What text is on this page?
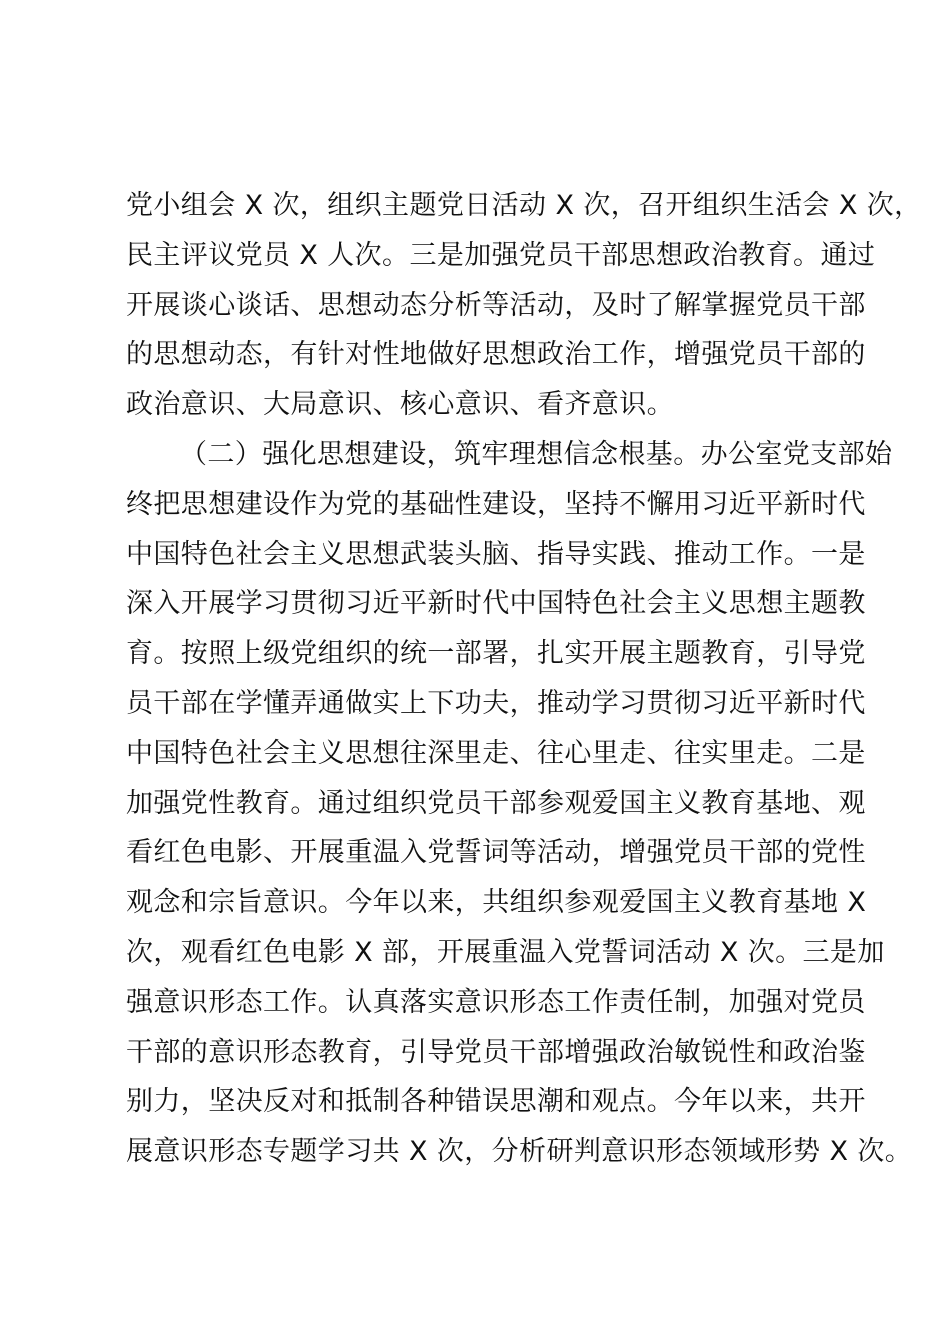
党小组会 X 次，组织主题党日活动 X 次，召开组织生活会 X 次，
民主评议党员 X 人次。三是加强党员干部思想政治教育。通过
开展谈心谈话、思想动态分析等活动，及时了解掌握党员干部
的思想动态，有针对性地做好思想政治工作，增强党员干部的
政治意识、大局意识、核心意识、看齐意识。
（二）强化思想建设，筑牢理想信念根基。办公室党支部始
终把思想建设作为党的基础性建设，坚持不懈用习近平新时代
中国特色社会主义思想武装头脑、指导实践、推动工作。一是
深入开展学习贯彻习近平新时代中国特色社会主义思想主题教
育。按照上级党组织的统一部署，扎实开展主题教育，引导党
员干部在学懂弄通做实上下功夫，推动学习贯彻习近平新时代
中国特色社会主义思想往深里走、往心里走、往实里走。二是
加强党性教育。通过组织党员干部参观爱国主义教育基地、观
看红色电影、开展重温入党誓词等活动，增强党员干部的党性
观念和宗旨意识。今年以来，共组织参观爱国主义教育基地 X
次，观看红色电影 X 部，开展重温入党誓词活动 X 次。三是加
强意识形态工作。认真落实意识形态工作责任制，加强对党员
干部的意识形态教育，引导党员干部增强政治敏锐性和政治鉴
别力，坚决反对和抵制各种错误思潮和观点。今年以来，共开
展意识形态专题学习共 X 次，分析研判意识形态领域形势 X 次。
